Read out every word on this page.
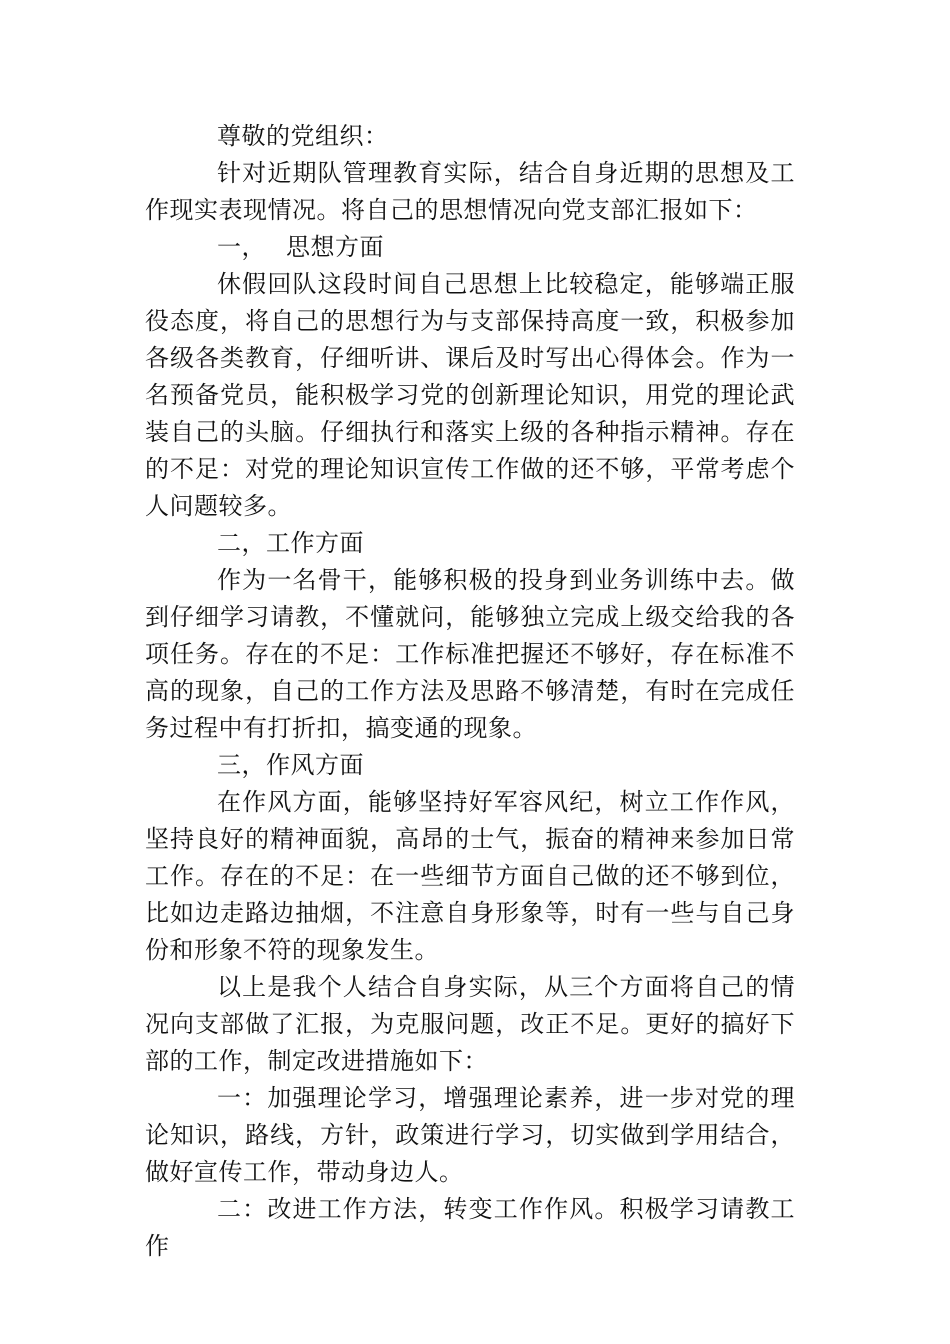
尊敬的党组织：

针对近期队管理教育实际，结合自身近期的思想及工作现实表现情况。将自己的思想情况向党支部汇报如下：

一， 思想方面

休假回队这段时间自己思想上比较稳定，能够端正服役态度，将自己的思想行为与支部保持高度一致，积极参加各级各类教育，仔细听讲、课后及时写出心得体会。作为一名预备党员，能积极学习党的创新理论知识，用党的理论武装自己的头脑。仔细执行和落实上级的各种指示精神。存在的不足：对党的理论知识宣传工作做的还不够，平常考虑个人问题较多。

二，工作方面

作为一名骨干，能够积极的投身到业务训练中去。做到仔细学习请教，不懂就问，能够独立完成上级交给我的各项任务。存在的不足：工作标准把握还不够好，存在标准不高的现象，自己的工作方法及思路不够清楚，有时在完成任务过程中有打折扣，搞变通的现象。

三，作风方面

在作风方面，能够坚持好军容风纪，树立工作作风，坚持良好的精神面貌，高昂的士气，振奋的精神来参加日常工作。存在的不足：在一些细节方面自己做的还不够到位，比如边走路边抽烟，不注意自身形象等，时有一些与自己身份和形象不符的现象发生。

以上是我个人结合自身实际，从三个方面将自己的情况向支部做了汇报，为克服问题，改正不足。更好的搞好下部的工作，制定改进措施如下：

一：加强理论学习，增强理论素养，进一步对党的理论知识，路线，方针，政策进行学习，切实做到学用结合，做好宣传工作，带动身边人。

二：改进工作方法，转变工作作风。积极学习请教工作
